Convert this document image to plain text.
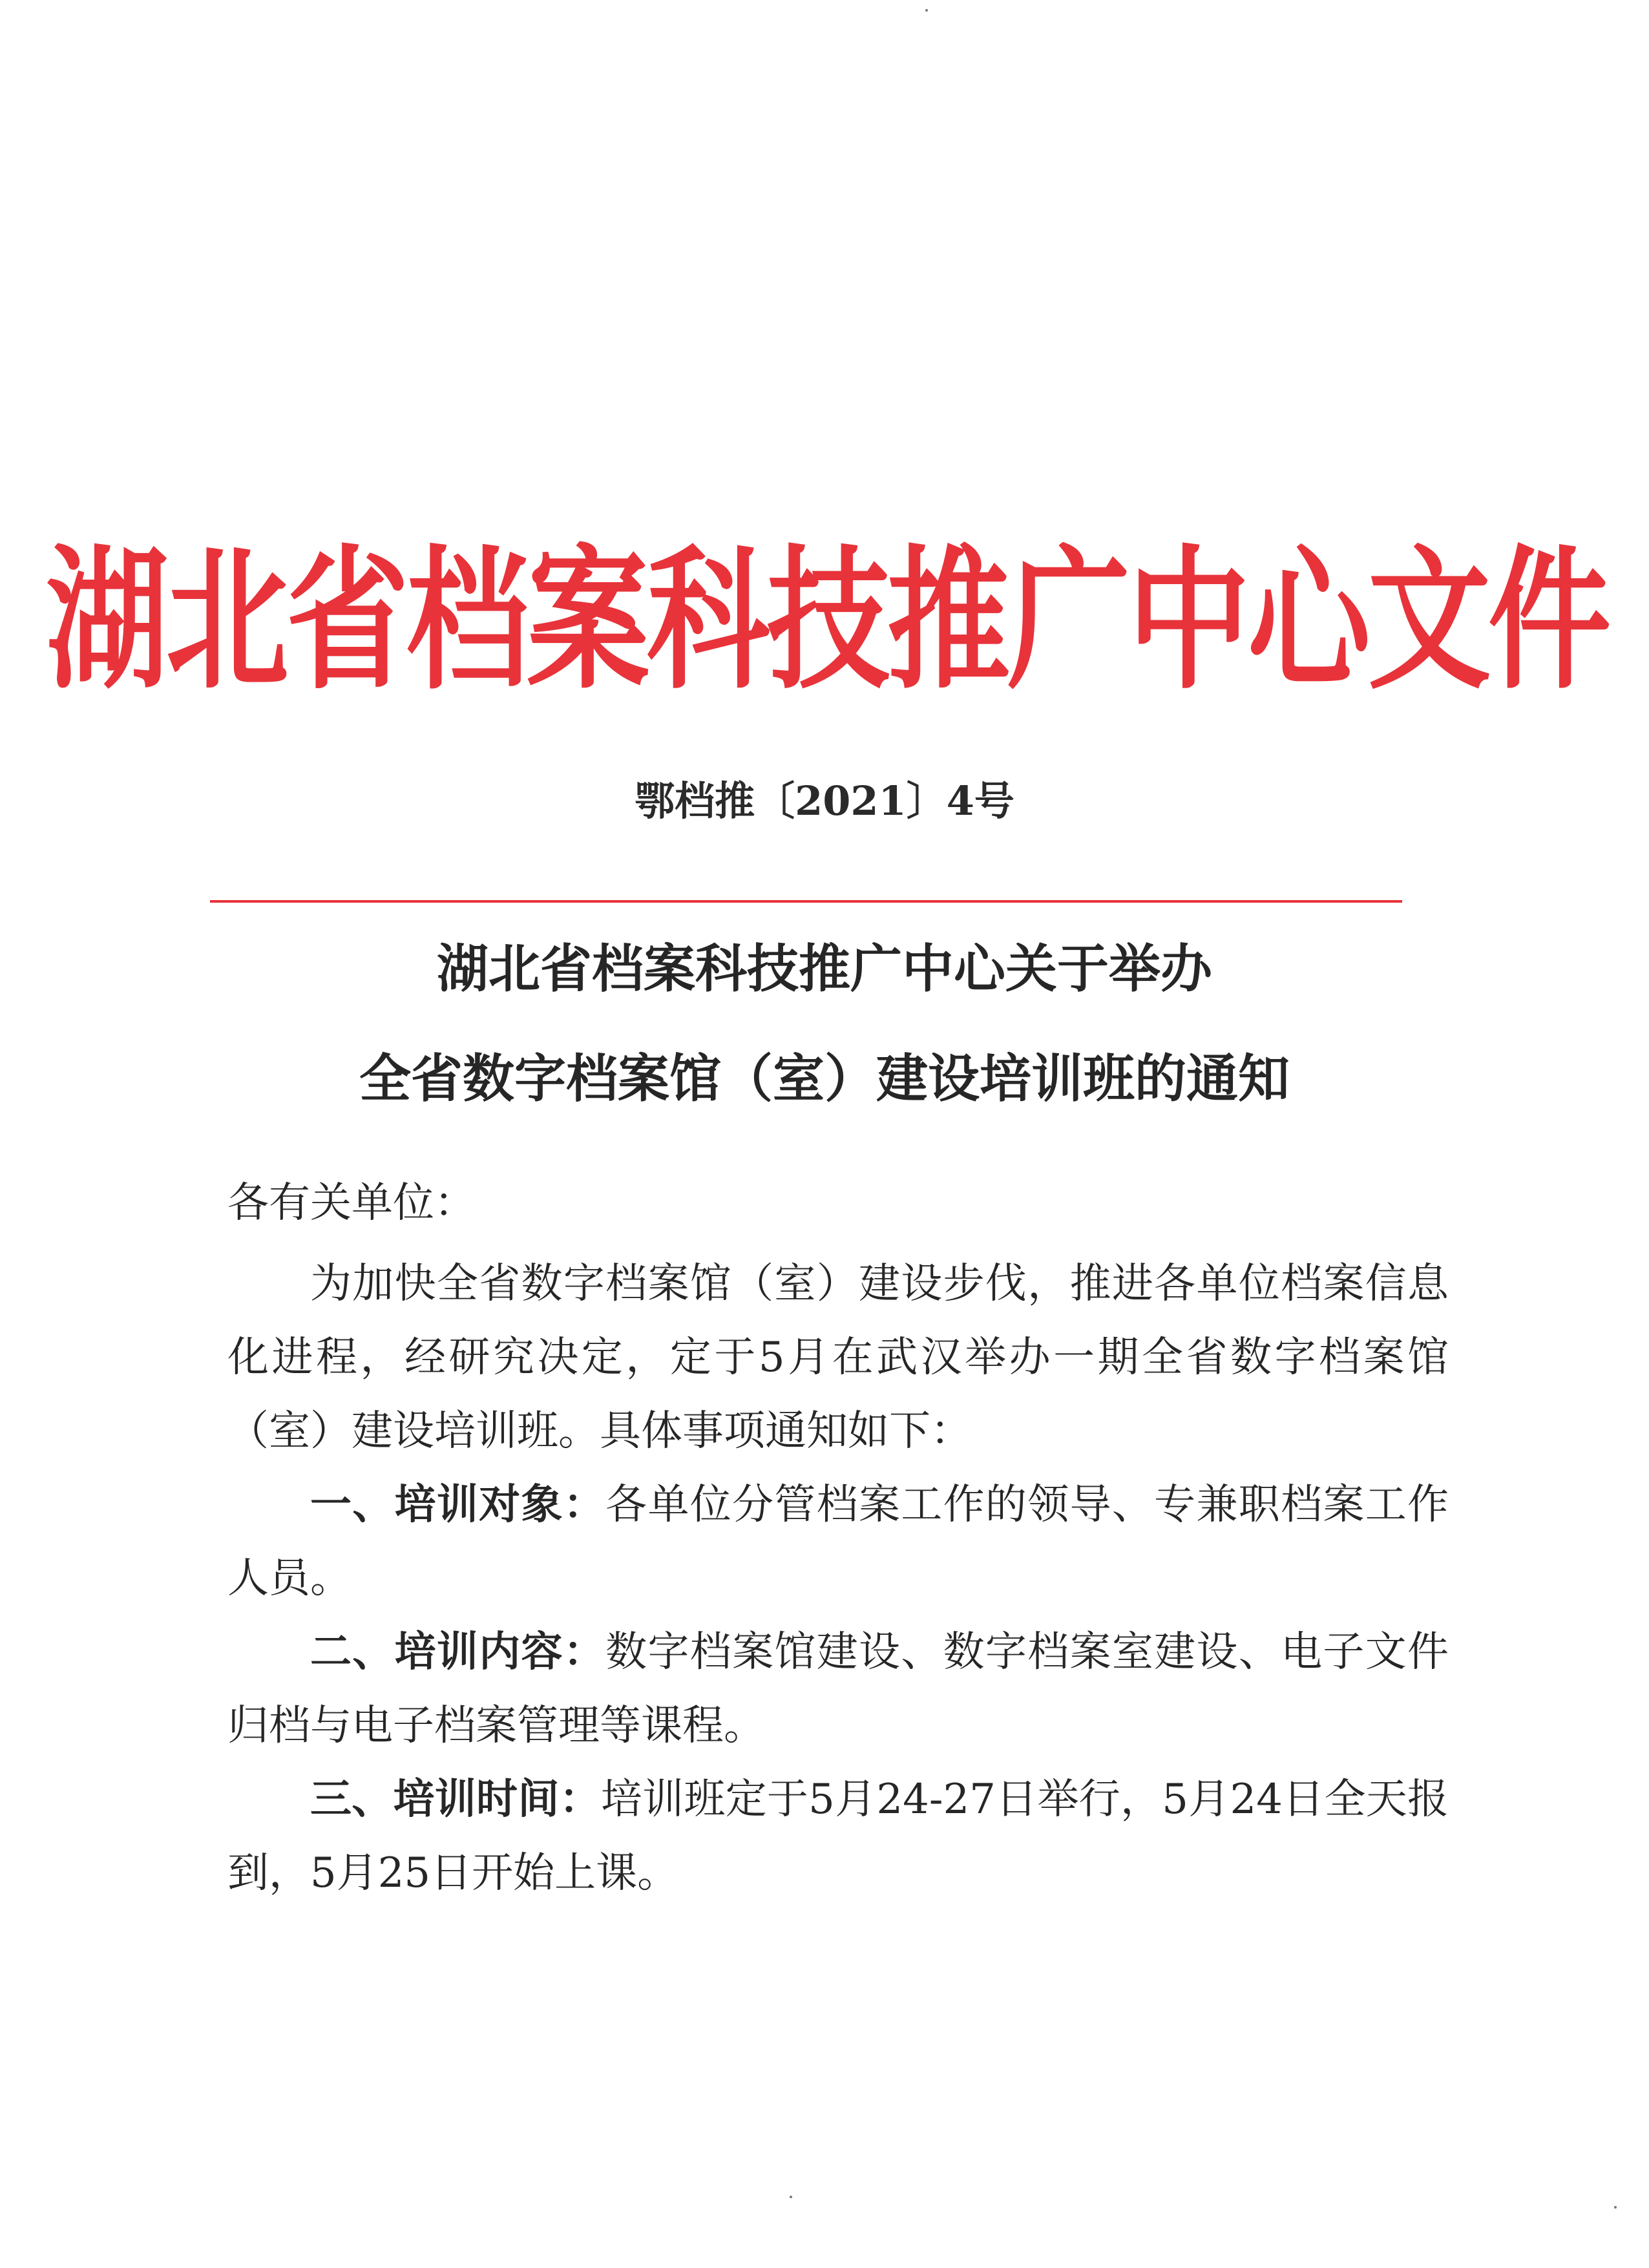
湖北省档案科技推广中心文件
鄂档推〔2021〕4号
湖北省档案科技推广中心关于举办
全省数字档案馆（室）建设培训班的通知
各有关单位：
为加快全省数字档案馆（室）建设步伐，推进各单位档案信息化进程，经研究决定，定于5月在武汉举办一期全省数字档案馆（室）建设培训班。具体事项通知如下：
一、培训对象：各单位分管档案工作的领导、专兼职档案工作人员。
二、培训内容：数字档案馆建设、数字档案室建设、电子文件归档与电子档案管理等课程。
三、培训时间：培训班定于5月24-27日举行，5月24日全天报到，5月25日开始上课。
